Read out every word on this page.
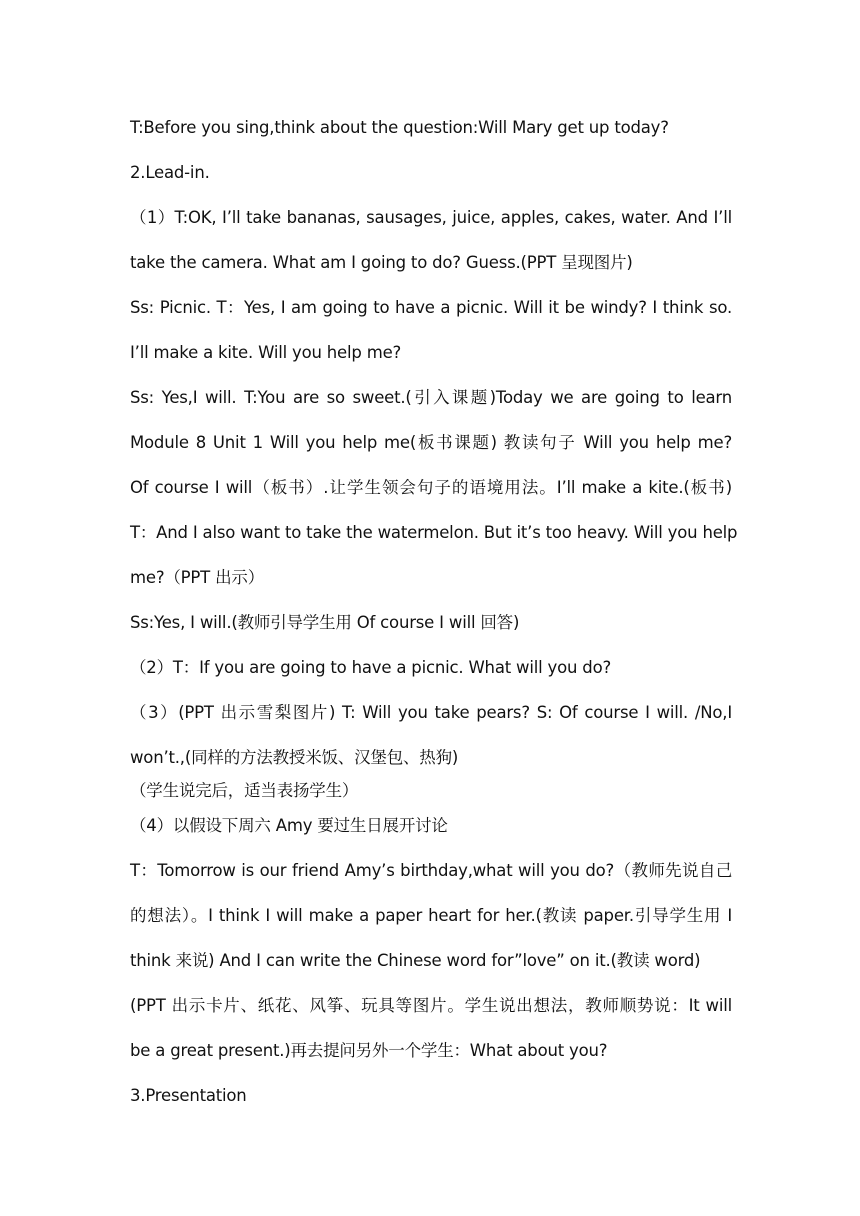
T:Before you sing,think about the question:Will Mary get up today?
2.Lead-in.
（1）T:OK, I’ll take bananas, sausages, juice, apples, cakes, water. And I’ll
take the camera. What am I going to do? Guess.(PPT 呈现图片)
Ss: Picnic. T：Yes, I am going to have a picnic. Will it be windy? I think so.
I’ll make a kite. Will you help me?
Ss: Yes,I will. T:You are so sweet.(引入课题)Today we are going to learn
Module 8 Unit 1 Will you help me(板书课题) 教读句子 Will you help me?
Of course I will（板书）.让学生领会句子的语境用法。I’ll make a kite.(板书)
T：And I also want to take the watermelon. But it’s too heavy. Will you help
me?（PPT 出示）
Ss:Yes, I will.(教师引导学生用 Of course I will 回答)
（2）T：If you are going to have a picnic. What will you do?
（3）(PPT 出示雪梨图片) T: Will you take pears? S: Of course I will. /No,I
won’t.,(同样的方法教授米饭、汉堡包、热狗)
（学生说完后，适当表扬学生）
（4）以假设下周六 Amy 要过生日展开讨论
T：Tomorrow is our friend Amy’s birthday,what will you do?（教师先说自己
的想法）。I think I will make a paper heart for her.(教读 paper.引导学生用 I
think 来说) And I can write the Chinese word for”love” on it.(教读 word)
(PPT 出示卡片、纸花、风筝、玩具等图片。学生说出想法，教师顺势说：It will
be a great present.)再去提问另外一个学生：What about you?
3.Presentation
